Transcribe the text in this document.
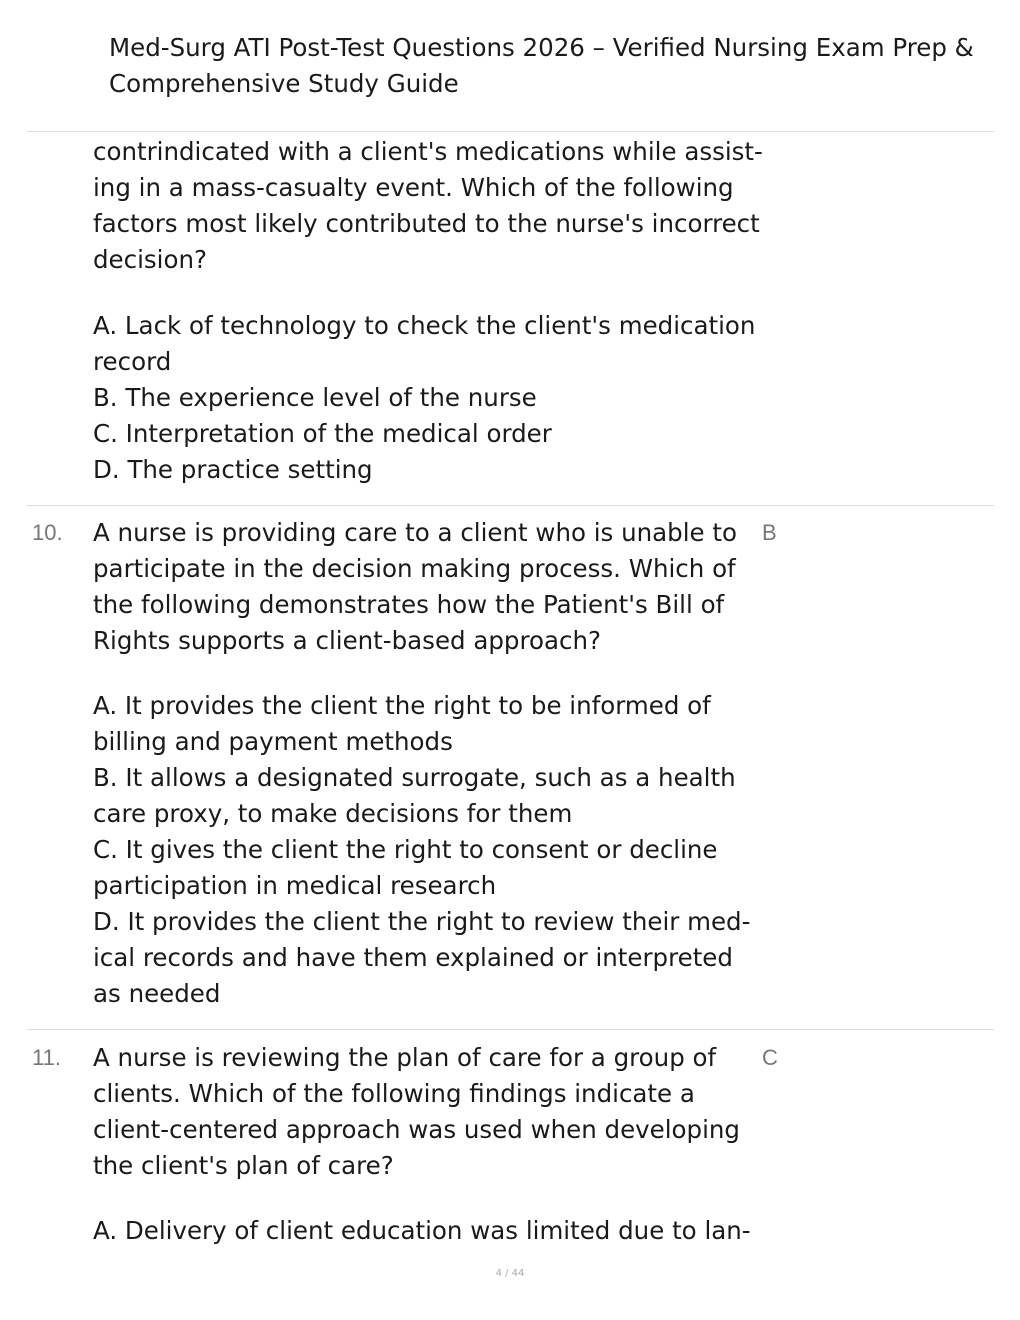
Med-Surg ATI Post-Test Questions 2026 – Verified Nursing Exam Prep & Comprehensive Study Guide
contrindicated with a client's medications while assist-ing in a mass-casualty event. Which of the following factors most likely contributed to the nurse's incorrect decision?
A. Lack of technology to check the client's medication record
B. The experience level of the nurse
C. Interpretation of the medical order
D. The practice setting
10.	B
A nurse is providing care to a client who is unable to participate in the decision making process. Which of the following demonstrates how the Patient's Bill of Rights supports a client-based approach?
A. It provides the client the right to be informed of billing and payment methods
B. It allows a designated surrogate, such as a health care proxy, to make decisions for them
C. It gives the client the right to consent or decline participation in medical research
D. It provides the client the right to review their med-ical records and have them explained or interpreted as needed
11.	C
A nurse is reviewing the plan of care for a group of clients. Which of the following findings indicate a client-centered approach was used when developing the client's plan of care?
A. Delivery of client education was limited due to lan-
4 / 44
